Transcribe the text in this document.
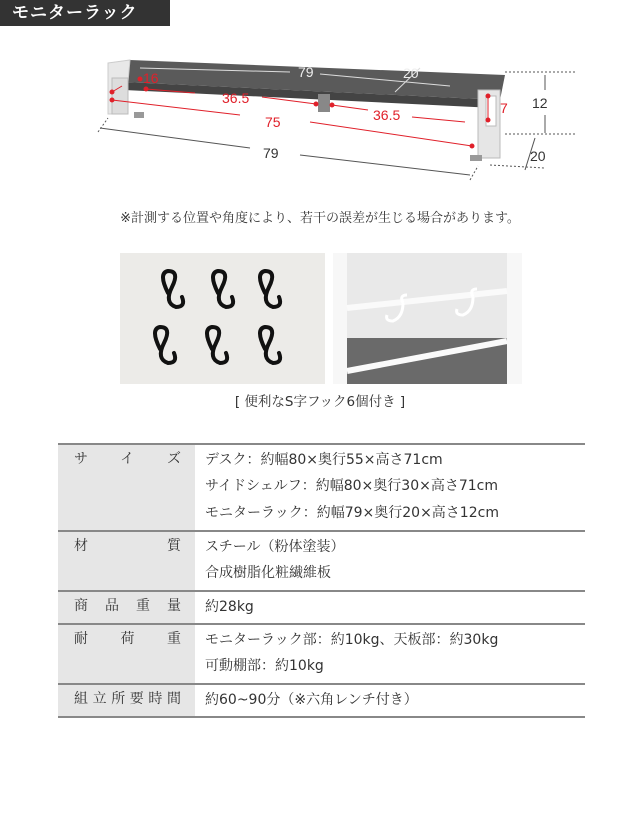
モニターラック
79	20
16
36.5
36.5
75
7 12
79	20
※計測する位置や角度により、若干の誤差が生じる場合があります。
[ 便利なS字フック6個付き ]
サイズ	デスク：約幅80×奥行55×高さ71cm
サイドシェルフ：約幅80×奥行30×高さ71cm
モニターラック：約幅79×奥行20×高さ12cm

材質	スチール（粉体塗装）
合成樹脂化粧繊維板

商品重量	約28kg

耐荷重	モニターラック部：約10kg、天板部：約30kg
可動棚部：約10kg

組立所要時間	約60~90分（※六角レンチ付き）
